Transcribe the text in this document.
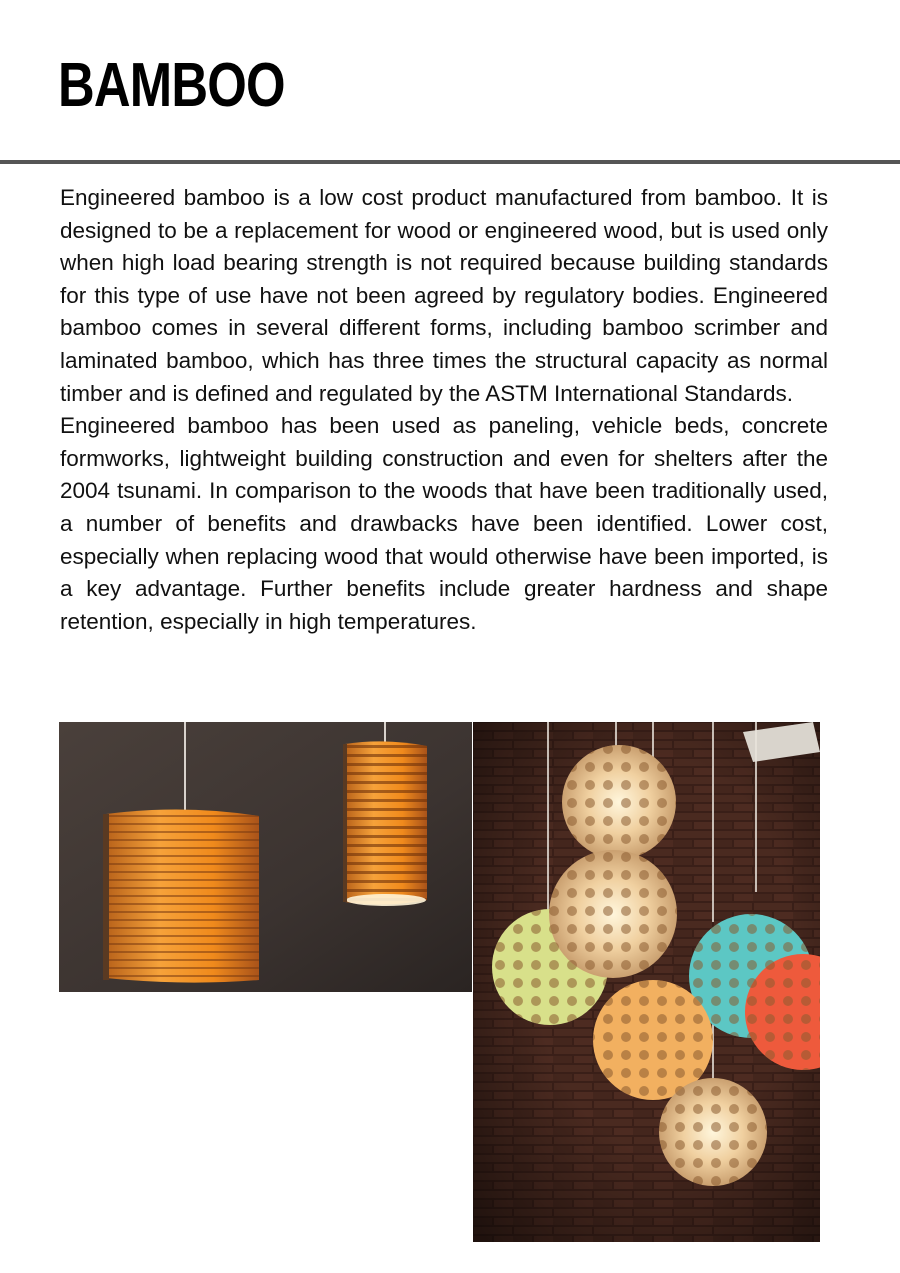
BAMBOO

Engineered bamboo is a low cost product manufactured from bamboo. It is designed to be a replacement for wood or engineered wood, but is used only when high load bearing strength is not required because building standards for this type of use have not been agreed by regulatory bodies. Engineered bamboo comes in several different forms, including bamboo scrimber and laminated bamboo, which has three times the structural capacity as normal timber and is defined and regulated by the ASTM International Standards.

Engineered bamboo has been used as paneling, vehicle beds, concrete formworks, lightweight building construction and even for shelters after the 2004 tsunami. In comparison to the woods that have been traditionally used, a number of benefits and drawbacks have been identified. Lower cost, especially when replacing wood that would otherwise have been imported, is a key advantage. Further benefits include greater hardness and shape retention, especially in high temperatures.
